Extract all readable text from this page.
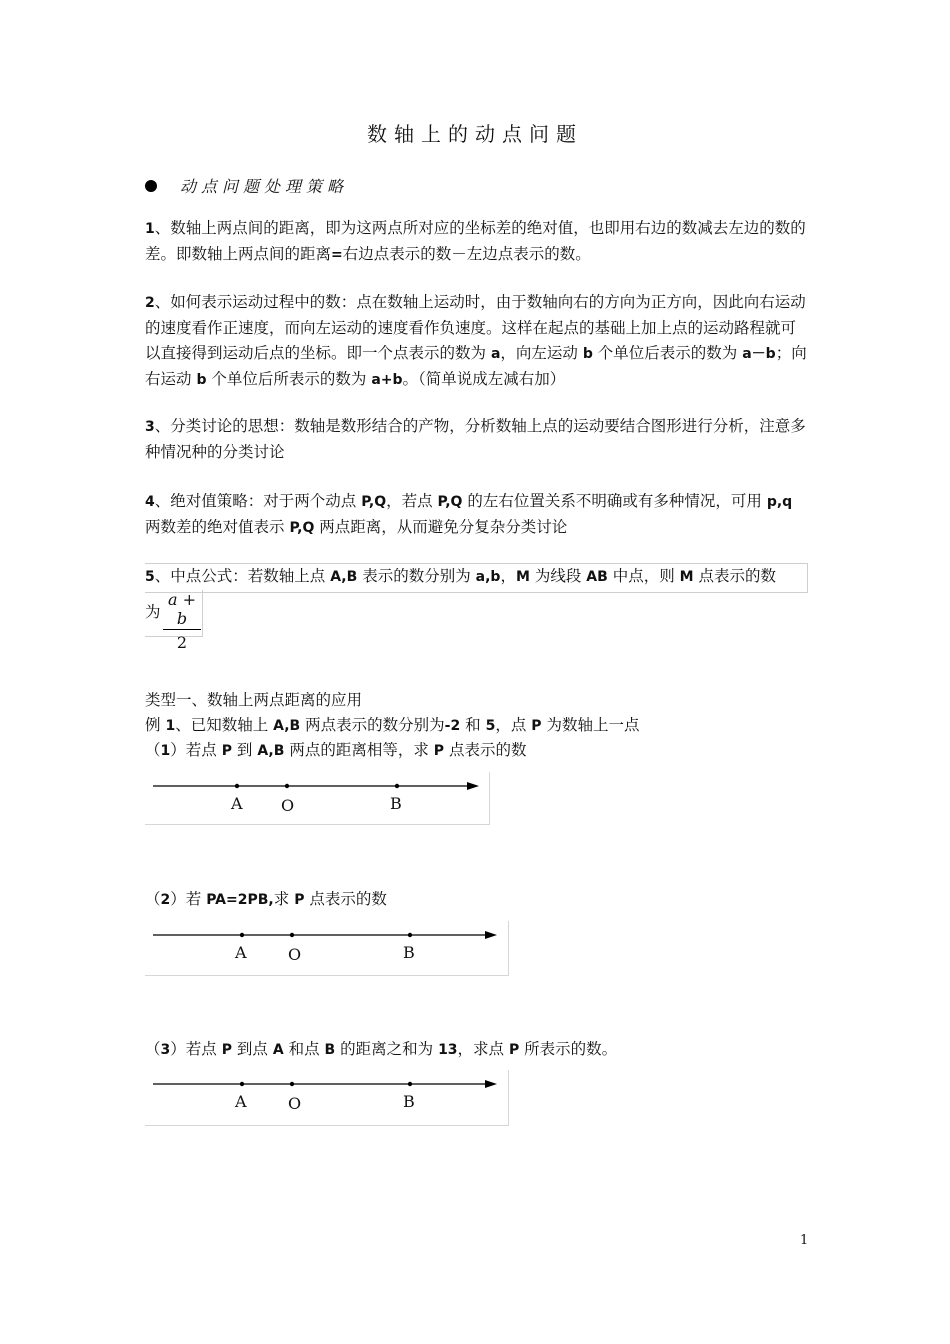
数轴上的动点问题
动点问题处理策略
1、数轴上两点间的距离，即为这两点所对应的坐标差的绝对值，也即用右边的数减去左边的数的差。即数轴上两点间的距离=右边点表示的数－左边点表示的数。
2、如何表示运动过程中的数：点在数轴上运动时，由于数轴向右的方向为正方向，因此向右运动的速度看作正速度，而向左运动的速度看作负速度。这样在起点的基础上加上点的运动路程就可以直接得到运动后点的坐标。即一个点表示的数为 a，向左运动 b 个单位后表示的数为 a－b；向右运动 b 个单位后所表示的数为 a+b。（简单说成左减右加）
3、分类讨论的思想：数轴是数形结合的产物，分析数轴上点的运动要结合图形进行分析，注意多种情况种的分类讨论
4、绝对值策略：对于两个动点 P,Q，若点 P,Q 的左右位置关系不明确或有多种情况，可用 p,q 两数差的绝对值表示 P,Q 两点距离，从而避免分复杂分类讨论
5、中点公式：若数轴上点 A,B 表示的数分别为 a,b，M 为线段 AB 中点，则 M 点表示的数
为 $\frac{a + b}{2}$
类型一、数轴上两点距离的应用
例 1、已知数轴上 A,B 两点表示的数分别为-2 和 5，点 P 为数轴上一点
（1）若点 P 到 A,B 两点的距离相等，求 P 点表示的数
A O	B
（2）若 PA=2PB,求 P 点表示的数
A	O	B
（3）若点 P 到点 A 和点 B 的距离之和为 13，求点 P 所表示的数。
A	O	B
1
